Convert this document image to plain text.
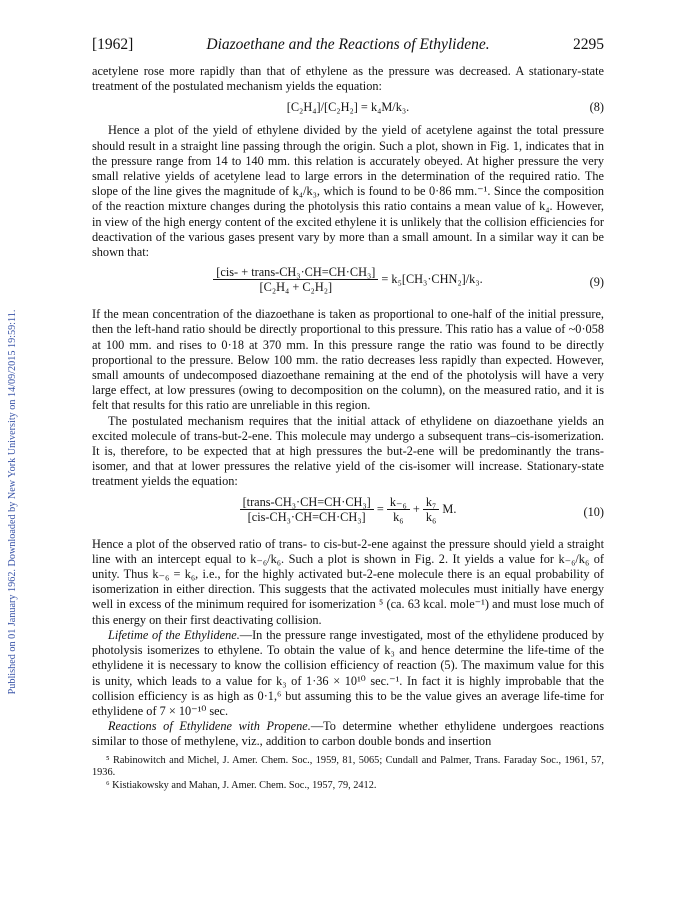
Published on 01 January 1962. Downloaded by New York University on 14/09/2015 19:59:11.
[1962]	Diazoethane and the Reactions of Ethylidene.	2295

acetylene rose more rapidly than that of ethylene as the pressure was decreased. A stationary-state treatment of the postulated mechanism yields the equation:

[C₂H₄]/[C₂H₂] = k₄M/k₃.	(8)

Hence a plot of the yield of ethylene divided by the yield of acetylene against the total pressure should result in a straight line passing through the origin. Such a plot, shown in Fig. 1, indicates that in the pressure range from 14 to 140 mm. this relation is accurately obeyed. At higher pressure the very small relative yields of acetylene lead to large errors in the determination of the required ratio. The slope of the line gives the magnitude of k₄/k₃, which is found to be 0·86 mm.⁻¹. Since the composition of the reaction mixture changes during the photolysis this ratio contains a mean value of k₄. However, in view of the high energy content of the excited ethylene it is unlikely that the collision efficiencies for deactivation of the various gases present vary by more than a small amount. In a similar way it can be shown that:

$\frac{\text{[cis- + trans-CH₃·CH=CH·CH₃]}}{\text{[C₂H₄ + C₂H₂]}} = k_5[CH_3\cdot CHN_2]/k_3$.	(9)

If the mean concentration of the diazoethane is taken as proportional to one-half of the initial pressure, then the left-hand ratio should be directly proportional to this pressure. This ratio has a value of ~0·058 at 100 mm. and rises to 0·18 at 370 mm. In this pressure range the ratio was found to be directly proportional to the pressure. Below 100 mm. the ratio decreases less rapidly than expected. However, small amounts of undecomposed diazoethane remaining at the end of the photolysis will have a very large effect, at low pressures (owing to decomposition on the column), on the measured ratio, and it is felt that results for this ratio are unreliable in this region.

The postulated mechanism requires that the initial attack of ethylidene on diazoethane yields an excited molecule of trans-but-2-ene. This molecule may undergo a subsequent trans–cis-isomerization. It is, therefore, to be expected that at high pressures the but-2-ene will be predominantly the trans-isomer, and that at lower pressures the relative yield of the cis-isomer will increase. Stationary-state treatment yields the equation:

$\frac{\text{[trans-CH₃·CH=CH·CH₃]}}{\text{[cis-CH₃·CH=CH·CH₃]}} = \frac{\text{k₋₆}}{\text{k₆}} + \frac{\text{k₇}}{\text{k₆}} M$.	(10)

Hence a plot of the observed ratio of trans- to cis-but-2-ene against the pressure should yield a straight line with an intercept equal to k₋₆/k₆. Such a plot is shown in Fig. 2. It yields a value for k₋₆/k₆ of unity. Thus k₋₆ = k₆, i.e., for the highly activated but-2-ene molecule there is an equal probability of isomerization in either direction. This suggests that the activated molecules must initially have energy well in excess of the minimum required for isomerization ⁵ (ca. 63 kcal. mole⁻¹) and must lose much of this energy on their first deactivating collision.

Lifetime of the Ethylidene.—In the pressure range investigated, most of the ethylidene produced by photolysis isomerizes to ethylene. To obtain the value of k₃ and hence determine the life-time of the ethylidene it is necessary to know the collision efficiency of reaction (5). The maximum value for this is unity, which leads to a value for k₃ of 1·36 × 10¹⁰ sec.⁻¹. In fact it is highly improbable that the collision efficiency is as high as 0·1,⁶ but assuming this to be the value gives an average life-time for ethylidene of 7 × 10⁻¹⁰ sec.

Reactions of Ethylidene with Propene.—To determine whether ethylidene undergoes reactions similar to those of methylene, viz., addition to carbon double bonds and insertion

⁵ Rabinowitch and Michel, J. Amer. Chem. Soc., 1959, 81, 5065; Cundall and Palmer, Trans. Faraday Soc., 1961, 57, 1936.

⁶ Kistiakowsky and Mahan, J. Amer. Chem. Soc., 1957, 79, 2412.
